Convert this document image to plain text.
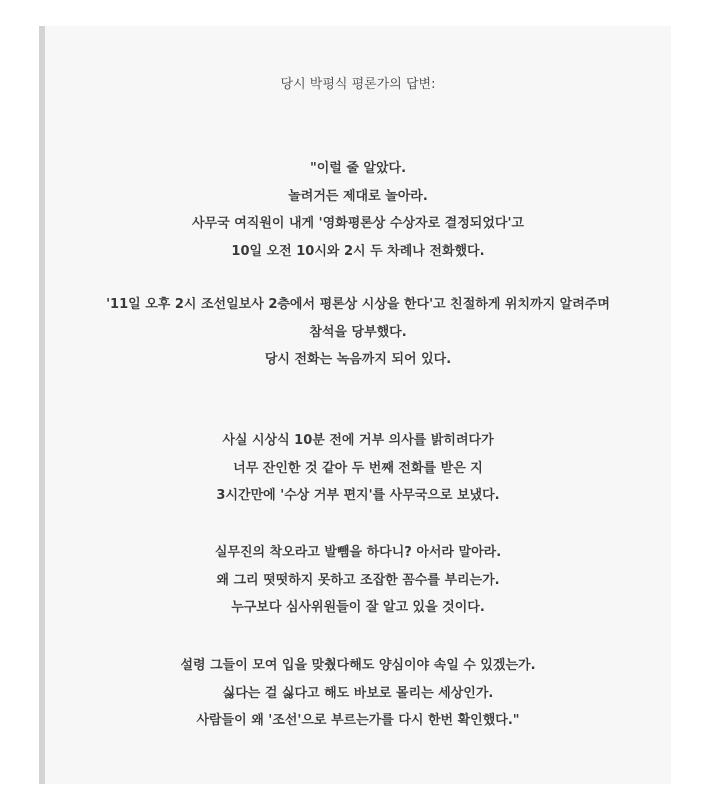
당시 박평식 평론가의 답변:
"이럴 줄 알았다.
놀려거든 제대로 놀아라.
사무국 여직원이 내게 '영화평론상 수상자로 결정되었다'고
10일 오전 10시와 2시 두 차례나 전화했다.
'11일 오후 2시 조선일보사 2층에서 평론상 시상을 한다'고 친절하게 위치까지 알려주며
참석을 당부했다.
당시 전화는 녹음까지 되어 있다.
사실 시상식 10분 전에 거부 의사를 밝히려다가
너무 잔인한 것 같아 두 번째 전화를 받은 지
3시간만에 '수상 거부 편지'를 사무국으로 보냈다.
실무진의 착오라고 발뺌을 하다니? 아서라 말아라.
왜 그리 떳떳하지 못하고 조잡한 꼼수를 부리는가.
누구보다 심사위원들이 잘 알고 있을 것이다.
설령 그들이 모여 입을 맞췄다해도 양심이야 속일 수 있겠는가.
싫다는 걸 싫다고 해도 바보로 몰리는 세상인가.
사람들이 왜 '조선'으로 부르는가를 다시 한번 확인했다."
